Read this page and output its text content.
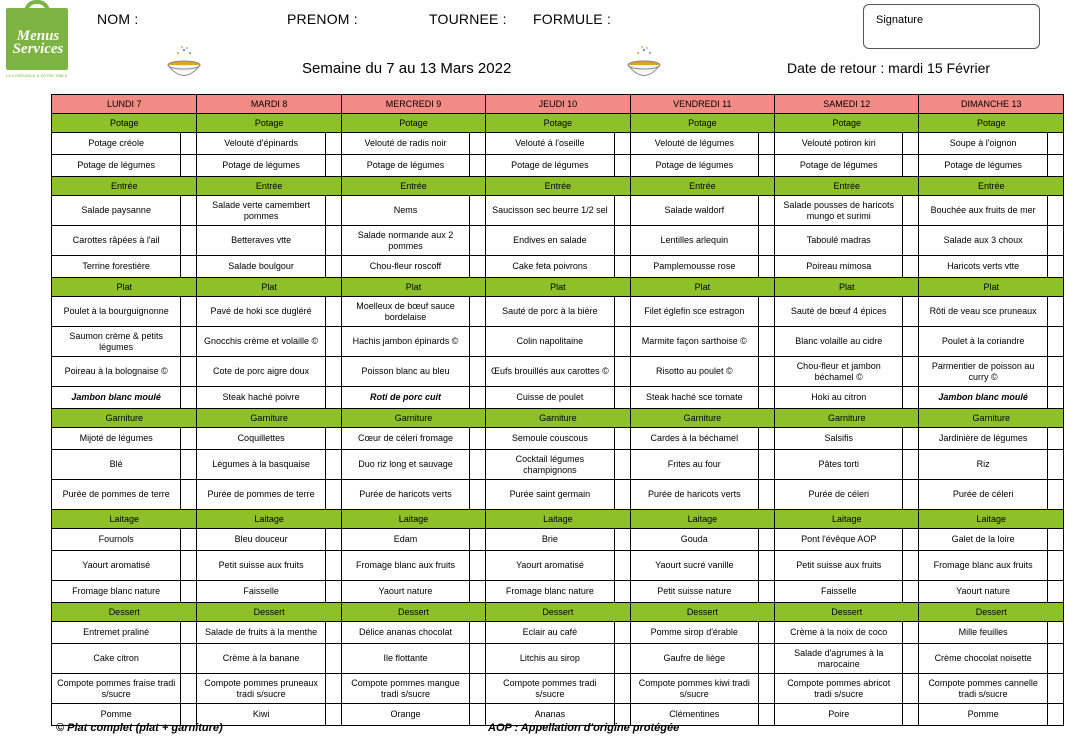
Menus
Services
LA CONFIANCE À VOTRE TABLE
NOM :	PRENOM :	TOURNEE : FORMULE :	Signature
Semaine du 7 au 13 Mars 2022	Date de retour : mardi 15 Février
LUNDI 7		MARDI 8		MERCREDI 9		JEUDI 10		VENDREDI 11		SAMEDI 12		DIMANCHE 13	
Potage		Potage		Potage		Potage		Potage		Potage		Potage	
Potage créole		Velouté d'épinards		Velouté de radis noir		Velouté à l'oseille		Velouté de légumes		Velouté potiron kiri		Soupe à l'oignon	
Potage de légumes		Potage de légumes		Potage de légumes		Potage de légumes		Potage de légumes		Potage de légumes		Potage de légumes	
Entrée		Entrée		Entrée		Entrée		Entrée		Entrée		Entrée	
Salade paysanne		Salade verte camembert pommes		Nems		Saucisson sec beurre 1/2 sel		Salade waldorf		Salade pousses de haricots mungo et surimi		Bouchée aux fruits de mer	
Carottes râpées à l'ail		Betteraves vtte		Salade normande aux 2 pommes		Endives en salade		Lentilles arlequin		Taboulé madras		Salade aux 3 choux	
Terrine forestière		Salade boulgour		Chou-fleur roscoff		Cake feta poivrons		Pamplemousse rose		Poireau mimosa		Haricots verts vtte	
Plat		Plat		Plat		Plat		Plat		Plat		Plat	
Poulet à la bourguignonne		Pavé de hoki sce dugléré		Moelleux de bœuf sauce bordelaise		Sauté de porc à la bière		Filet églefin sce estragon		Sauté de bœuf 4 épices		Rôti de veau sce pruneaux	
Saumon crème & petits légumes		Gnocchis crème et volaille ©		Hachis jambon épinards ©		Colin napolitaine		Marmite façon sarthoise ©		Blanc volaille au cidre		Poulet à la coriandre	
Poireau à la bolognaise ©		Cote de porc aigre doux		Poisson blanc au bleu		Œufs brouillés aux carottes ©		Risotto au poulet ©		Chou-fleur et jambon béchamel ©		Parmentier de poisson au curry ©	
Jambon blanc moulé		Steak haché poivre		Roti de porc cuit		Cuisse de poulet		Steak haché sce tomate		Hoki au citron		Jambon blanc moulé	
Garniture		Garniture		Garniture		Garniture		Garniture		Garniture		Garniture	
Mijoté de légumes		Coquillettes		Cœur de céleri fromage		Semoule couscous		Cardes à la béchamel		Salsifis		Jardinière de légumes	
Blé		Légumes à la basquaise		Duo riz long et sauvage		Cocktail légumes champignons		Frites au four		Pâtes torti		Riz	
Purée de pommes de terre		Purée de pommes de terre		Purée de haricots verts		Purée saint germain		Purée de haricots verts		Purée de céleri		Purée de céleri	
Laitage		Laitage		Laitage		Laitage		Laitage		Laitage		Laitage	
Fournols		Bleu douceur		Edam		Brie		Gouda		Pont l'évêque AOP		Galet de la loire	
Yaourt aromatisé		Petit suisse aux fruits		Fromage blanc aux fruits		Yaourt aromatisé		Yaourt sucré vanille		Petit suisse aux fruits		Fromage blanc aux fruits	
Fromage blanc nature		Faisselle		Yaourt nature		Fromage blanc nature		Petit suisse nature		Faisselle		Yaourt nature	
Dessert		Dessert		Dessert		Dessert		Dessert		Dessert		Dessert	
Entremet praliné		Salade de fruits à la menthe		Délice ananas chocolat		Eclair au café		Pomme sirop d'érable		Crème à la noix de coco		Mille feuilles	
Cake citron		Crème à la banane		Ile flottante		Litchis au sirop		Gaufre de liège		Salade d'agrumes à la marocaine		Crème chocolat noisette	
Compote pommes fraise tradi s/sucre		Compote pommes pruneaux tradi s/sucre		Compote pommes mangue tradi s/sucre		Compote pommes tradi s/sucre		Compote pommes kiwi tradi s/sucre		Compote pommes abricot tradi s/sucre		Compote pommes cannelle tradi s/sucre	
Pomme		Kiwi		Orange		Ananas		Clémentines		Poire		Pomme	
© Plat complet (plat + garniture)	AOP : Appellation d'origine protégée
